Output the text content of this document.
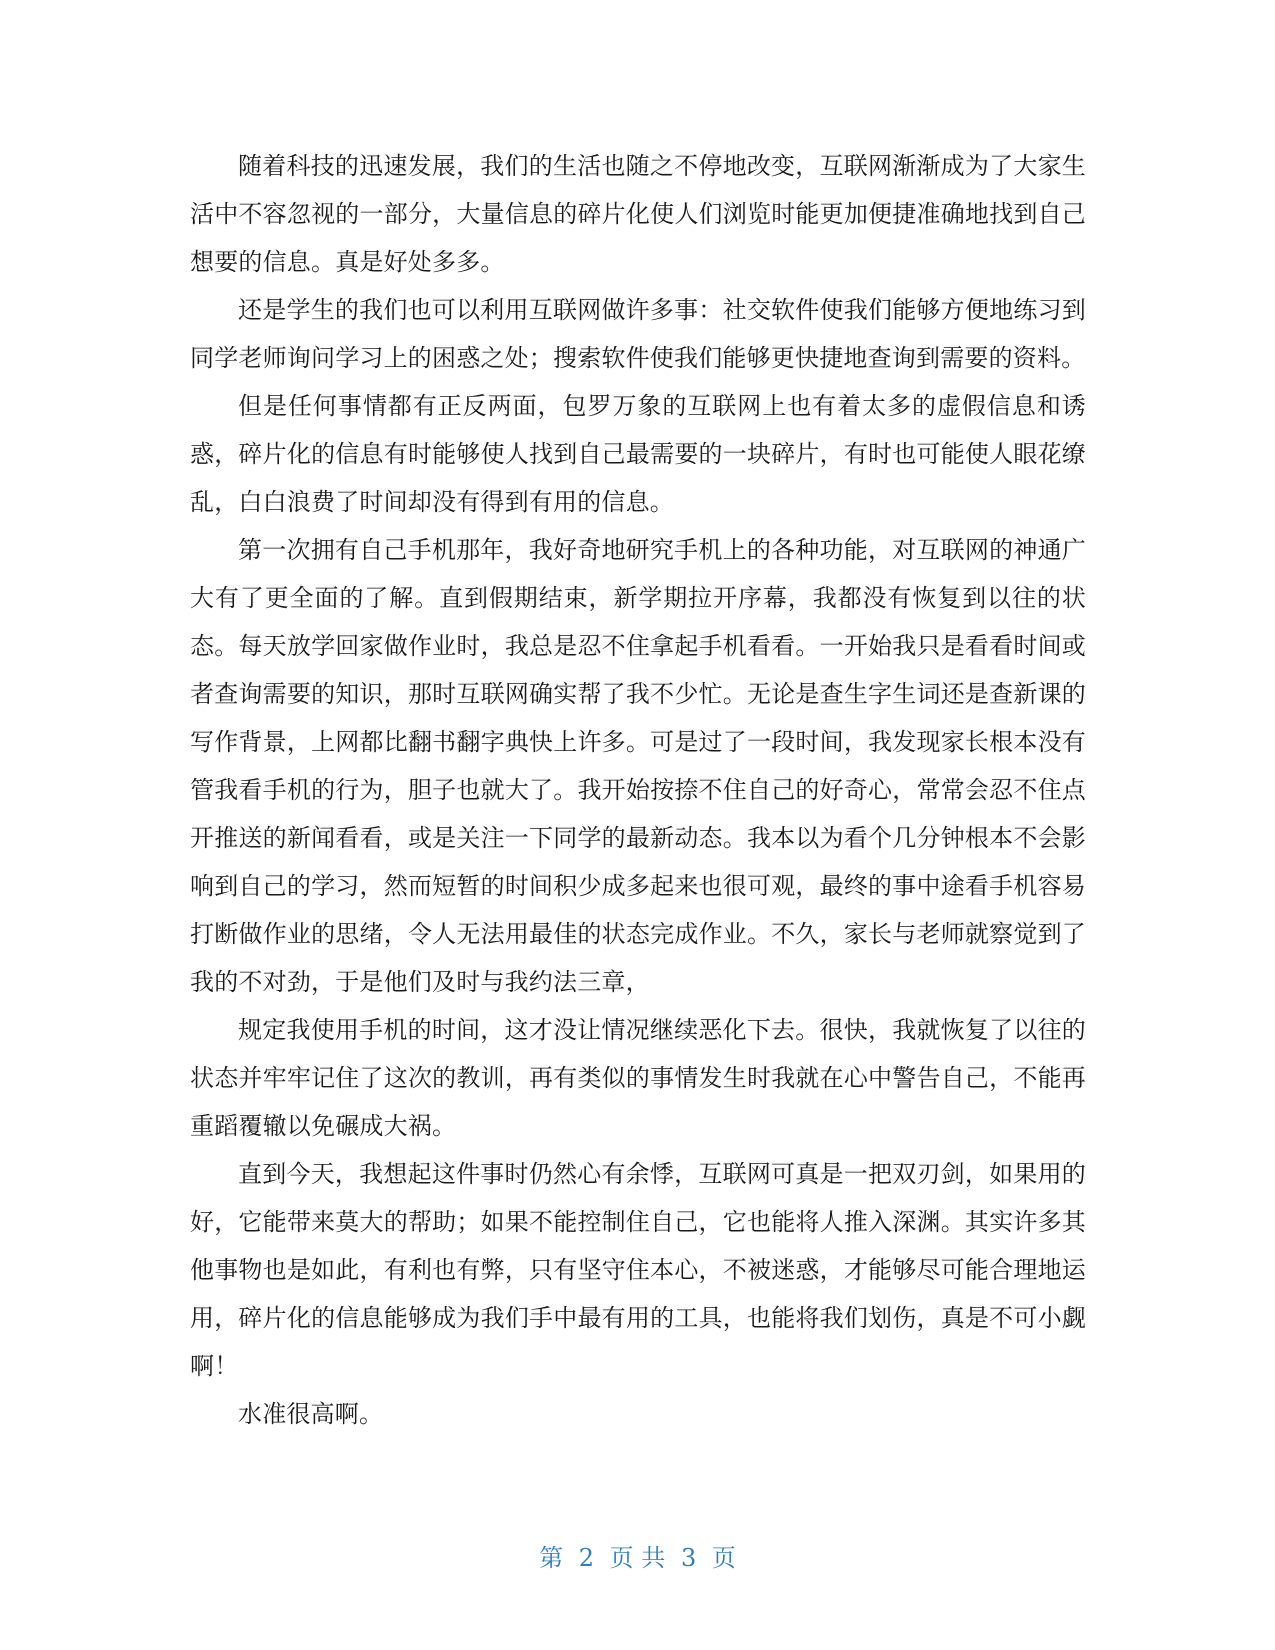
随着科技的迅速发展，我们的生活也随之不停地改变，互联网渐渐成为了大家生活中不容忽视的一部分，大量信息的碎片化使人们浏览时能更加便捷准确地找到自己想要的信息。真是好处多多。

还是学生的我们也可以利用互联网做许多事：社交软件使我们能够方便地练习到同学老师询问学习上的困惑之处；搜索软件使我们能够更快捷地查询到需要的资料。

但是任何事情都有正反两面，包罗万象的互联网上也有着太多的虚假信息和诱惑，碎片化的信息有时能够使人找到自己最需要的一块碎片，有时也可能使人眼花缭乱，白白浪费了时间却没有得到有用的信息。

第一次拥有自己手机那年，我好奇地研究手机上的各种功能，对互联网的神通广大有了更全面的了解。直到假期结束，新学期拉开序幕，我都没有恢复到以往的状态。每天放学回家做作业时，我总是忍不住拿起手机看看。一开始我只是看看时间或者查询需要的知识，那时互联网确实帮了我不少忙。无论是查生字生词还是查新课的写作背景，上网都比翻书翻字典快上许多。可是过了一段时间，我发现家长根本没有管我看手机的行为，胆子也就大了。我开始按捺不住自己的好奇心，常常会忍不住点开推送的新闻看看，或是关注一下同学的最新动态。我本以为看个几分钟根本不会影响到自己的学习，然而短暂的时间积少成多起来也很可观，最终的事中途看手机容易打断做作业的思绪，令人无法用最佳的状态完成作业。不久，家长与老师就察觉到了我的不对劲，于是他们及时与我约法三章，

规定我使用手机的时间，这才没让情况继续恶化下去。很快，我就恢复了以往的状态并牢牢记住了这次的教训，再有类似的事情发生时我就在心中警告自己，不能再重蹈覆辙以免碾成大祸。

直到今天，我想起这件事时仍然心有余悸，互联网可真是一把双刃剑，如果用的好，它能带来莫大的帮助；如果不能控制住自己，它也能将人推入深渊。其实许多其他事物也是如此，有利也有弊，只有坚守住本心，不被迷惑，才能够尽可能合理地运用，碎片化的信息能够成为我们手中最有用的工具，也能将我们划伤，真是不可小觑啊！

水准很高啊。

第 2 页 共 3 页
